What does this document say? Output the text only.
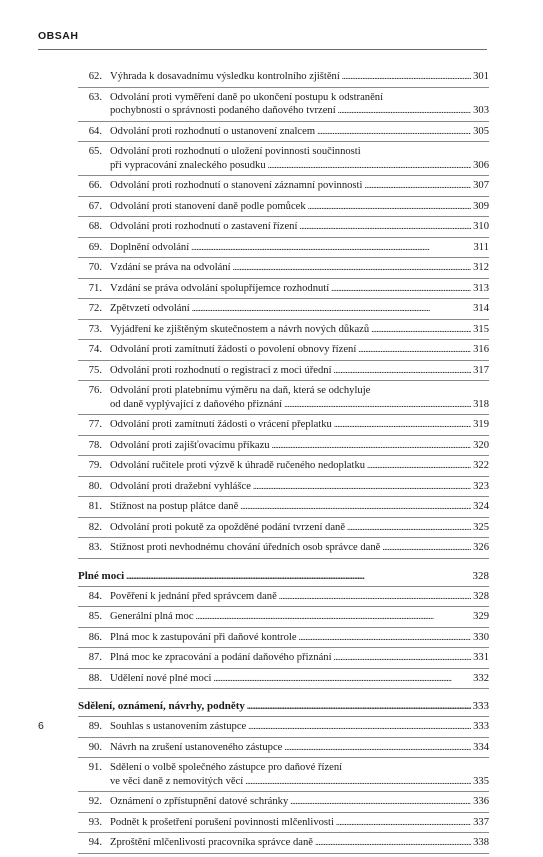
OBSAH
62. Výhrada k dosavadnímu výsledku kontrolního zjištění . . .	301
63. Odvolání proti vyměření daně po ukončení postupu k odstranění
pochybností o správnosti podaného daňového tvrzení . . .	303
64. Odvolání proti rozhodnutí o ustanovení znalcem . . .	305
65. Odvolání proti rozhodnutí o uložení povinnosti součinnosti
při vypracování znaleckého posudku . . .	306
66. Odvolání proti rozhodnutí o stanovení záznamní povinnosti . . .	307
67. Odvolání proti stanovení daně podle pomůcek . . .	309
68. Odvolání proti rozhodnutí o zastavení řízení . . .	310
69. Doplnění odvolání . . .	311
70. Vzdání se práva na odvolání . . .	312
71. Vzdání se práva odvolání spolupříjemce rozhodnutí . . .	313
72. Zpětvzetí odvolání . . .	314
73. Vyjádření ke zjištěným skutečnostem a návrh nových důkazů . . .	315
74. Odvolání proti zamítnutí žádosti o povolení obnovy řízení . . .	316
75. Odvolání proti rozhodnutí o registraci z moci úřední . . .	317
76. Odvolání proti platebnímu výměru na daň, která se odchyluje
od daně vyplývající z daňového přiznání . . .	318
77. Odvolání proti zamítnutí žádosti o vrácení přeplatku . . .	319
78. Odvolání proti zajišťovacímu příkazu . . .	320
79. Odvolání ručitele proti výzvě k úhradě ručeného nedoplatku . . .	322
80. Odvolání proti dražební vyhlášce . . .	323
81. Stížnost na postup plátce daně . . .	324
82. Odvolání proti pokutě za opožděné podání tvrzení daně . . .	325
83. Stížnost proti nevhodnému chování úředních osob správce daně . . .	326
Plné moci . . .	328
84. Pověření k jednání před správcem daně . . .	328
85. Generální plná moc . . .	329
86. Plná moc k zastupování při daňové kontrole . . .	330
87. Plná moc ke zpracování a podání daňového přiznání . . .	331
88. Udělení nové plné moci . . .	332
Sdělení, oznámení, návrhy, podněty . . .	333
89. Souhlas s ustanovením zástupce . . .	333
90. Návrh na zrušení ustanoveného zástupce . . .	334
91. Sdělení o volbě společného zástupce pro daňové řízení
ve věci daně z nemovitých věcí . . .	335
92. Oznámení o zpřístupnění datové schránky . . .	336
93. Podnět k prošetření porušení povinnosti mlčenlivosti . . .	337
94. Zproštění mlčenlivosti pracovníka správce daně . . .	338
6
